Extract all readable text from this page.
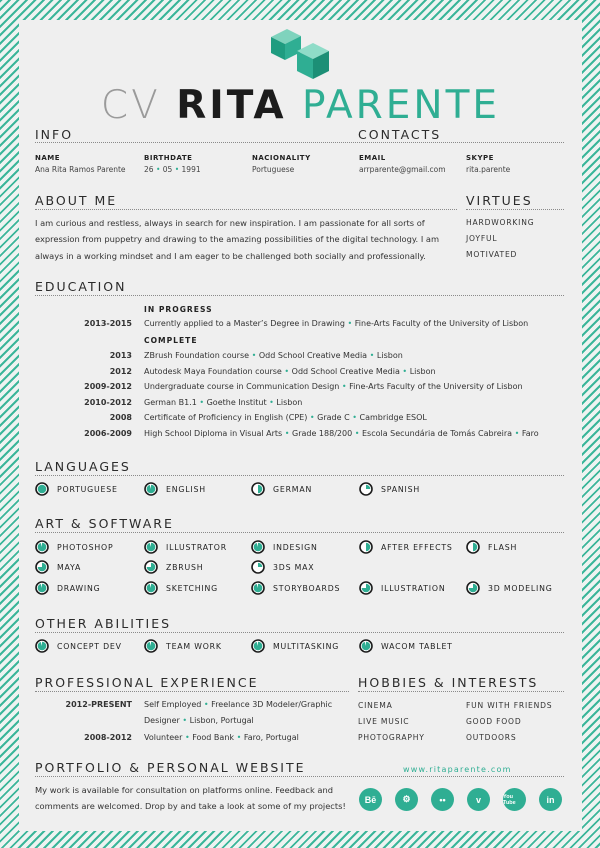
CV RITA PARENTE
INFO	CONTACTS
NAME
Ana Rita Ramos Parente
BIRTHDATE
26 • 05 • 1991
NACIONALITY
Portuguese
EMAIL
arrparente@gmail.com
SKYPE
rita.parente
ABOUT ME	VIRTUES
I am curious and restless, always in search for new inspiration. I am passionate for all sorts of expression from puppetry and drawing to the amazing possibilities of the digital technology. I am always in a working mindset and I am eager to be challenged both socially and professionally.
HARDWORKING
JOYFUL
MOTIVATED
EDUCATION
IN PROGRESS
2013-2015 Currently applied to a Master’s Degree in Drawing • Fine-Arts Faculty of the University of Lisbon
COMPLETE
2013 ZBrush Foundation course • Odd School Creative Media • Lisbon
2012 Autodesk Maya Foundation course • Odd School Creative Media • Lisbon
2009-2012 Undergraduate course in Communication Design • Fine-Arts Faculty of the University of Lisbon
2010-2012 German B1.1 • Goethe Institut • Lisbon
2008 Certificate of Proficiency in English (CPE) • Grade C • Cambridge ESOL
2006-2009 High School Diploma in Visual Arts • Grade 188/200 • Escola Secundária de Tomás Cabreira • Faro
LANGUAGES
PORTUGUESE	ENGLISH	GERMAN	SPANISH
ART & SOFTWARE
PHOTOSHOP	ILLUSTRATOR	INDESIGN	AFTER EFFECTS	FLASH
MAYA	ZBRUSH	3DS MAX
DRAWING	SKETCHING	STORYBOARDS	ILLUSTRATION	3D MODELING
OTHER ABILITIES
CONCEPT DEV	TEAM WORK	MULTITASKING	WACOM TABLET
PROFESSIONAL EXPERIENCE	HOBBIES & INTERESTS
2012-PRESENT Self Employed • Freelance 3D Modeler/Graphic
Designer • Lisbon, Portugal
2008-2012 Volunteer • Food Bank • Faro, Portugal
CINEMA	FUN WITH FRIENDS
LIVE MUSIC	GOOD FOOD
PHOTOGRAPHY	OUTDOORS
PORTFOLIO & PERSONAL WEBSITE	www.ritaparente.com
My work is available for consultation on platforms online. Feedback and comments are welcomed. Drop by and take a look at some of my projects!
Bē	⚙	••	v	You Tube	in
